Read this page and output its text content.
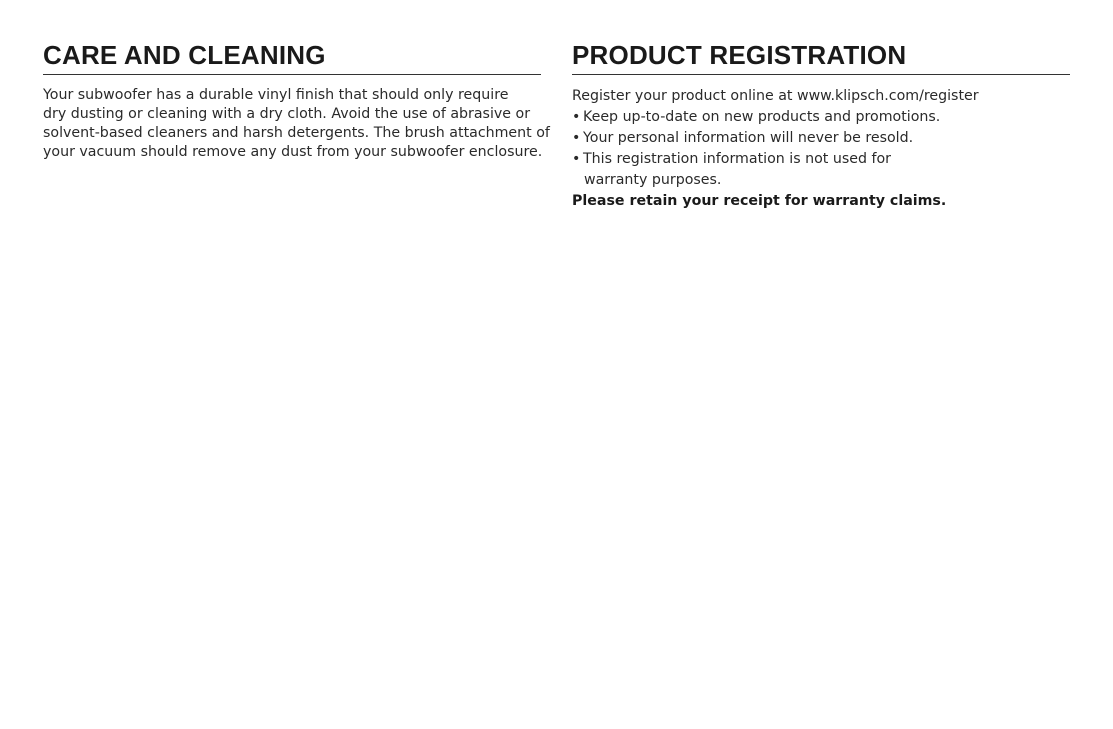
CARE AND CLEANING

Your subwoofer has a durable vinyl finish that should only require
dry dusting or cleaning with a dry cloth. Avoid the use of abrasive or
solvent-based cleaners and harsh detergents. The brush attachment of
your vacuum should remove any dust from your subwoofer enclosure.

PRODUCT REGISTRATION
Register your product online at www.klipsch.com/register
• Keep up-to-date on new products and promotions.
• Your personal information will never be resold.
• This registration information is not used for
warranty purposes.

Please retain your receipt for warranty claims.
